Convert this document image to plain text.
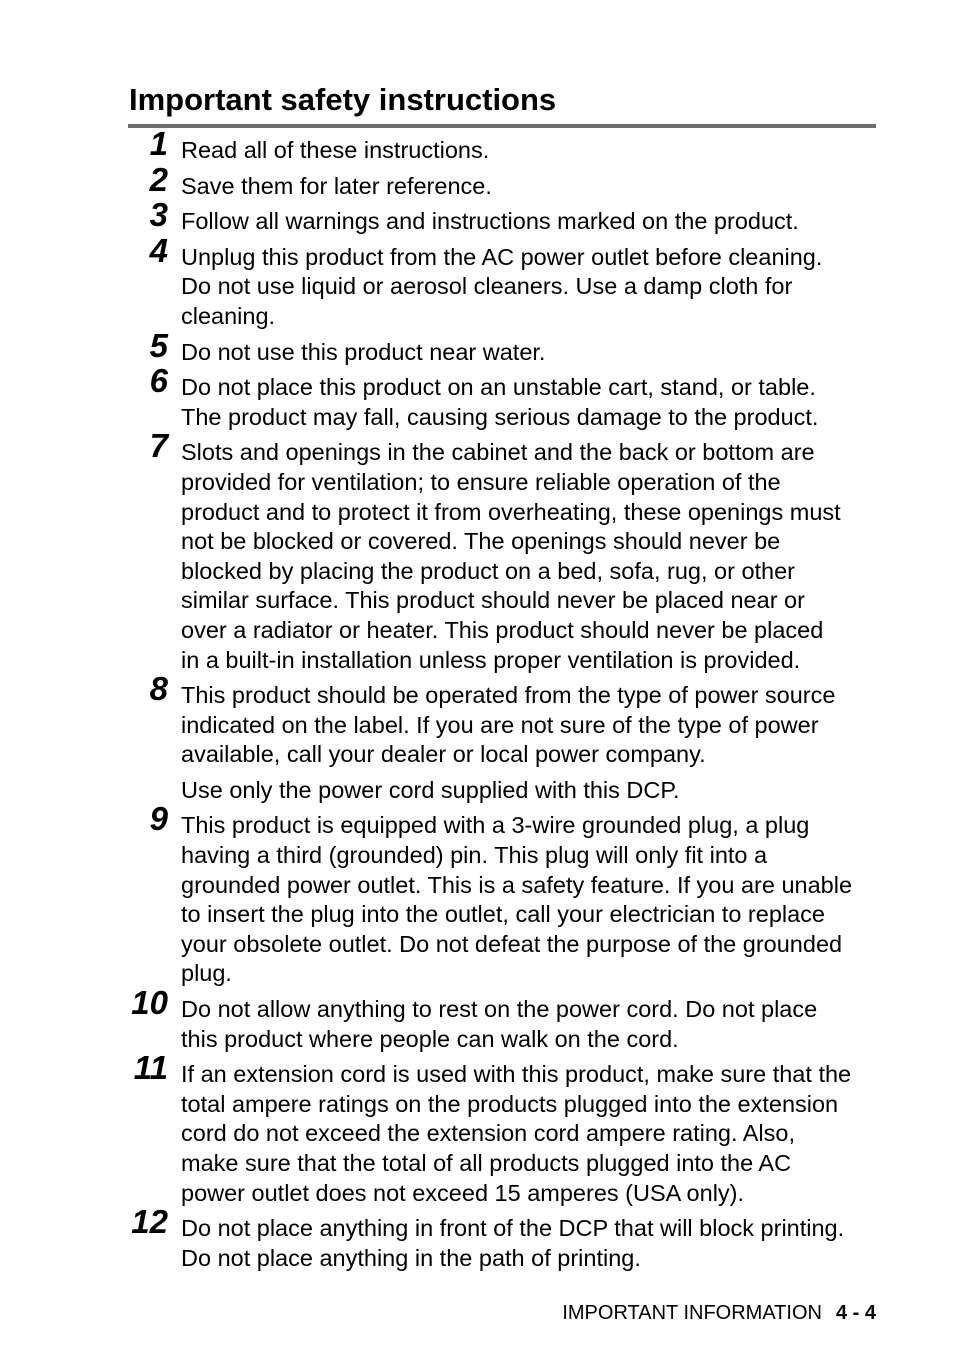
Important safety instructions
1 Read all of these instructions.
2 Save them for later reference.
3 Follow all warnings and instructions marked on the product.
4 Unplug this product from the AC power outlet before cleaning.
Do not use liquid or aerosol cleaners. Use a damp cloth for
cleaning.
5 Do not use this product near water.
6 Do not place this product on an unstable cart, stand, or table.
The product may fall, causing serious damage to the product.
7 Slots and openings in the cabinet and the back or bottom are
provided for ventilation; to ensure reliable operation of the
product and to protect it from overheating, these openings must
not be blocked or covered. The openings should never be
blocked by placing the product on a bed, sofa, rug, or other
similar surface. This product should never be placed near or
over a radiator or heater. This product should never be placed
in a built-in installation unless proper ventilation is provided.
8 This product should be operated from the type of power source
indicated on the label. If you are not sure of the type of power
available, call your dealer or local power company.
Use only the power cord supplied with this DCP.
9 This product is equipped with a 3-wire grounded plug, a plug
having a third (grounded) pin. This plug will only fit into a
grounded power outlet. This is a safety feature. If you are unable
to insert the plug into the outlet, call your electrician to replace
your obsolete outlet. Do not defeat the purpose of the grounded
plug.
10 Do not allow anything to rest on the power cord. Do not place
this product where people can walk on the cord.
11 If an extension cord is used with this product, make sure that the
total ampere ratings on the products plugged into the extension
cord do not exceed the extension cord ampere rating. Also,
make sure that the total of all products plugged into the AC
power outlet does not exceed 15 amperes (USA only).
12 Do not place anything in front of the DCP that will block printing.
Do not place anything in the path of printing.
IMPORTANT INFORMATION 4 - 4
